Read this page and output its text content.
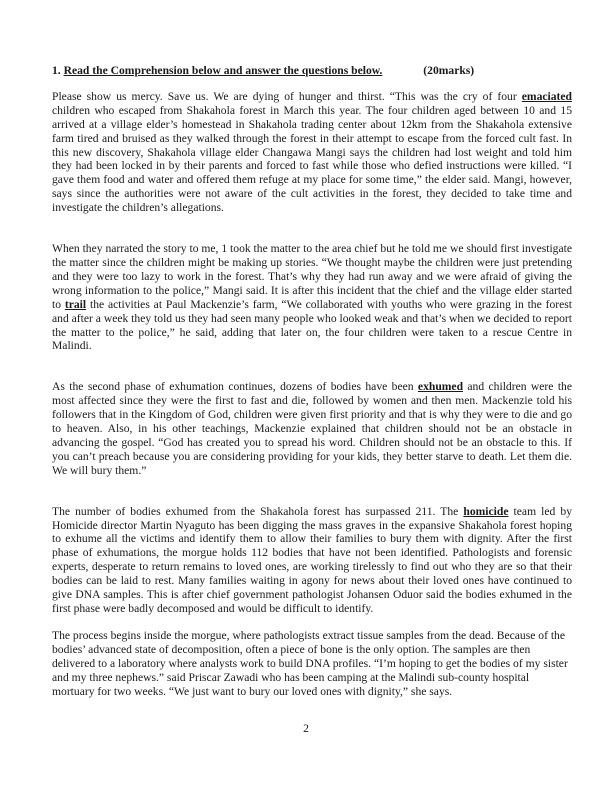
1. Read the Comprehension below and answer the questions below.	(20marks)

Please show us mercy. Save us. We are dying of hunger and thirst. “This was the cry of four emaciated children who escaped from Shakahola forest in March this year. The four children aged between 10 and 15 arrived at a village elder’s homestead in Shakahola trading center about 12km from the Shakahola extensive farm tired and bruised as they walked through the forest in their attempt to escape from the forced cult fast. In this new discovery, Shakahola village elder Changawa Mangi says the children had lost weight and told him they had been locked in by their parents and forced to fast while those who defied instructions were killed. “I gave them food and water and offered them refuge at my place for some time,” the elder said. Mangi, however, says since the authorities were not aware of the cult activities in the forest, they decided to take time and investigate the children’s allegations.

When they narrated the story to me, 1 took the matter to the area chief but he told me we should first investigate the matter since the children might be making up stories. “We thought maybe the children were just pretending and they were too lazy to work in the forest. That’s why they had run away and we were afraid of giving the wrong information to the police,” Mangi said. It is after this incident that the chief and the village elder started to trail the activities at Paul Mackenzie’s farm, “We collaborated with youths who were grazing in the forest and after a week they told us they had seen many people who looked weak and that’s when we decided to report the matter to the police,” he said, adding that later on, the four children were taken to a rescue Centre in Malindi.

As the second phase of exhumation continues, dozens of bodies have been exhumed and children were the most affected since they were the first to fast and die, followed by women and then men. Mackenzie told his followers that in the Kingdom of God, children were given first priority and that is why they were to die and go to heaven. Also, in his other teachings, Mackenzie explained that children should not be an obstacle in advancing the gospel. “God has created you to spread his word. Children should not be an obstacle to this. If you can’t preach because you are considering providing for your kids, they better starve to death. Let them die. We will bury them.”

The number of bodies exhumed from the Shakahola forest has surpassed 211. The homicide team led by Homicide director Martin Nyaguto has been digging the mass graves in the expansive Shakahola forest hoping to exhume all the victims and identify them to allow their families to bury them with dignity. After the first phase of exhumations, the morgue holds 112 bodies that have not been identified. Pathologists and forensic experts, desperate to return remains to loved ones, are working tirelessly to find out who they are so that their bodies can be laid to rest. Many families waiting in agony for news about their loved ones have continued to give DNA samples. This is after chief government pathologist Johansen Oduor said the bodies exhumed in the first phase were badly decomposed and would be difficult to identify.

The process begins inside the morgue, where pathologists extract tissue samples from the dead. Because of the bodies’ advanced state of decomposition, often a piece of bone is the only option. The samples are then delivered to a laboratory where analysts work to build DNA profiles. “I’m hoping to get the bodies of my sister and my three nephews.” said Priscar Zawadi who has been camping at the Malindi sub-county hospital mortuary for two weeks. “We just want to bury our loved ones with dignity,” she says.

2
